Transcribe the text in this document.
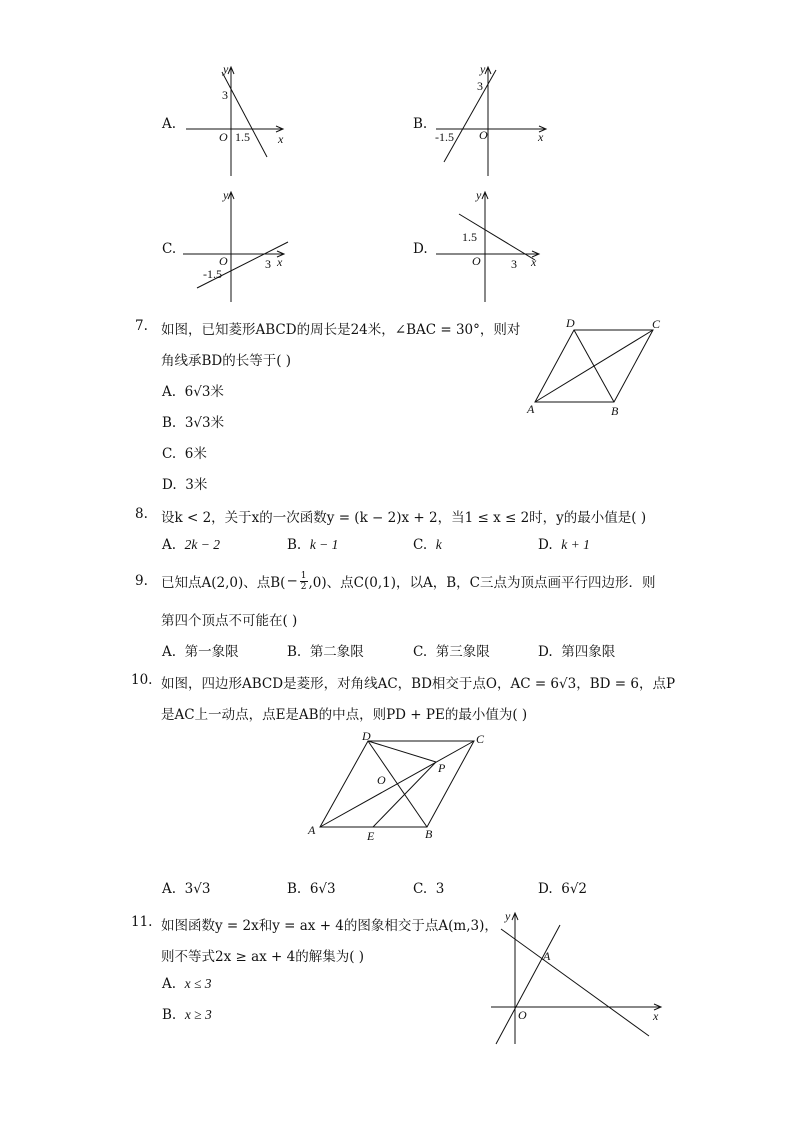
A.
y
3
O 1.5 x
B.
y
3
-1.5 O	x
C.
y
O
-1.5
3 x
D.
y
1.5
O	3 x
7. 如图，已知菱形ABCD的周长是24米，∠BAC = 30°，则对
角线承BD的长等于( )
A. 6√3米
B. 3√3米
C. 6米
D. 3米
D	C
A	B
8. 设k < 2，关于x的一次函数y = (k − 2)x + 2，当1 ≤ x ≤ 2时，y的最小值是( )
A. 2k − 2	B. k − 1	C. k	D. k + 1
9. 已知点A(2,0)、点$B( - \frac{1}{2} ,0)$、点C(0,1)，以A，B，C三点为顶点画平行四边形．则
第四个顶点不可能在( )
A. 第一象限	B. 第二象限	C. 第三象限	D. 第四象限
10. 如图，四边形ABCD是菱形，对角线AC，BD相交于点O，AC = 6√3，BD = 6，点P
是AC上一动点，点E是AB的中点，则PD + PE的最小值为( )
D	C
O
P
A	E	B
A. 3√3	B. 6√3	C. 3	D. 6√2
11. 如图函数y = 2x和y = ax + 4的图象相交于点A(m,3)，
则不等式2x ≥ ax + 4的解集为( )
A. x ≤ 3
B. x ≥ 3
y
A
O	x
